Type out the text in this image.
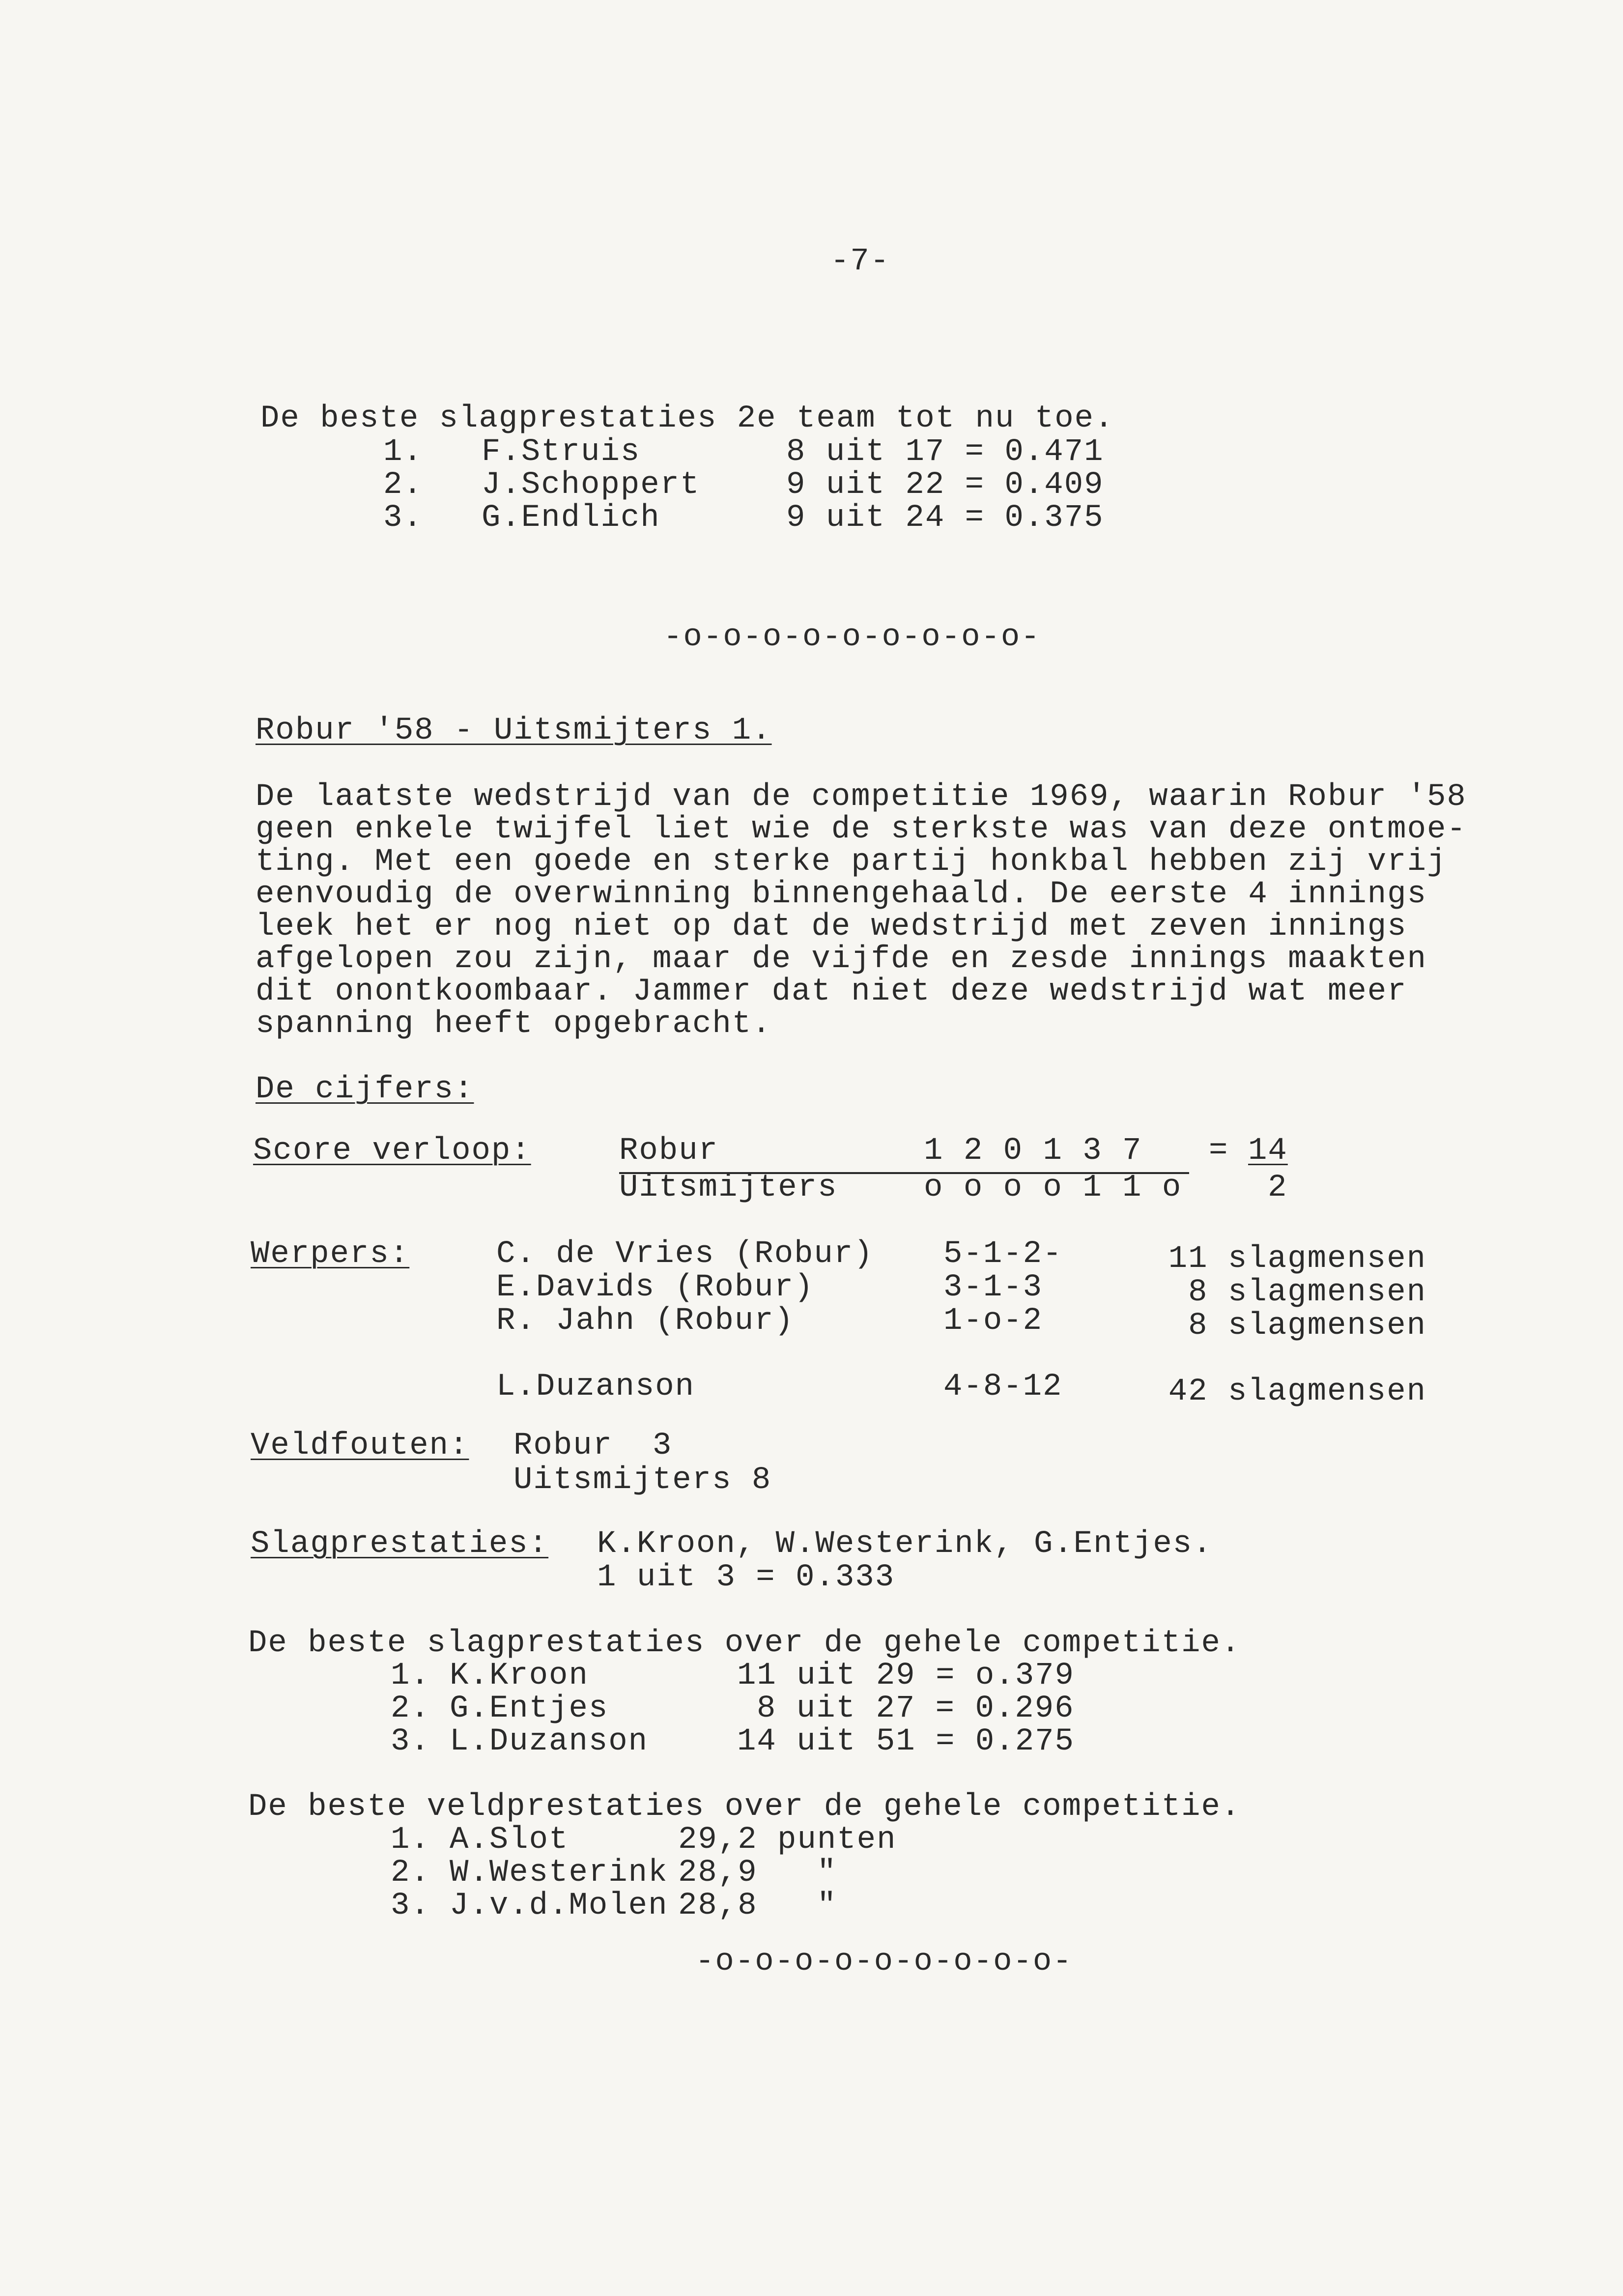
-7-
De beste slagprestaties 2e team tot nu toe.
1. F.Struis	8 uit 17 = 0.471
2. J.Schoppert	9 uit 22 = 0.409
3. G.Endlich	9 uit 24 = 0.375
-o-o-o-o-o-o-o-o-o-
Robur '58 - Uitsmijters 1.
De laatste wedstrijd van de competitie 1969, waarin Robur '58
geen enkele twijfel liet wie de sterkste was van deze ontmoe-
ting. Met een goede en sterke partij honkbal hebben zij vrij
eenvoudig de overwinning binnengehaald. De eerste 4 innings
leek het er nog niet op dat de wedstrijd met zeven innings
afgelopen zou zijn, maar de vijfde en zesde innings maakten
dit onontkoombaar. Jammer dat niet deze wedstrijd wat meer
spanning heeft opgebracht.
De cijfers:
Score verloop:	Robur	1 2 0 1 3 7 = 14
Uitsmijters	o o o o 1 1 o	2
Werpers:	C. de Vries (Robur) 5-1-2-	11 slagmensen
E.Davids (Robur)	3-1-3	8 slagmensen
R. Jahn (Robur)	1-o-2	8 slagmensen
L.Duzanson	4-8-12	42 slagmensen
Veldfouten: Robur  3
Uitsmijters 8
Slagprestaties: K.Kroon, W.Westerink, G.Entjes.
1 uit 3 = 0.333
De beste slagprestaties over de gehele competitie.
1. K.Kroon	11 uit 29 = o.379
2. G.Entjes	8 uit 27 = 0.296
3. L.Duzanson	14 uit 51 = 0.275
De beste veldprestaties over de gehele competitie.
1. A.Slot	29,2 punten
2. W.Westerink 28,9   "
3. J.v.d.Molen 28,8   "
-o-o-o-o-o-o-o-o-o-
